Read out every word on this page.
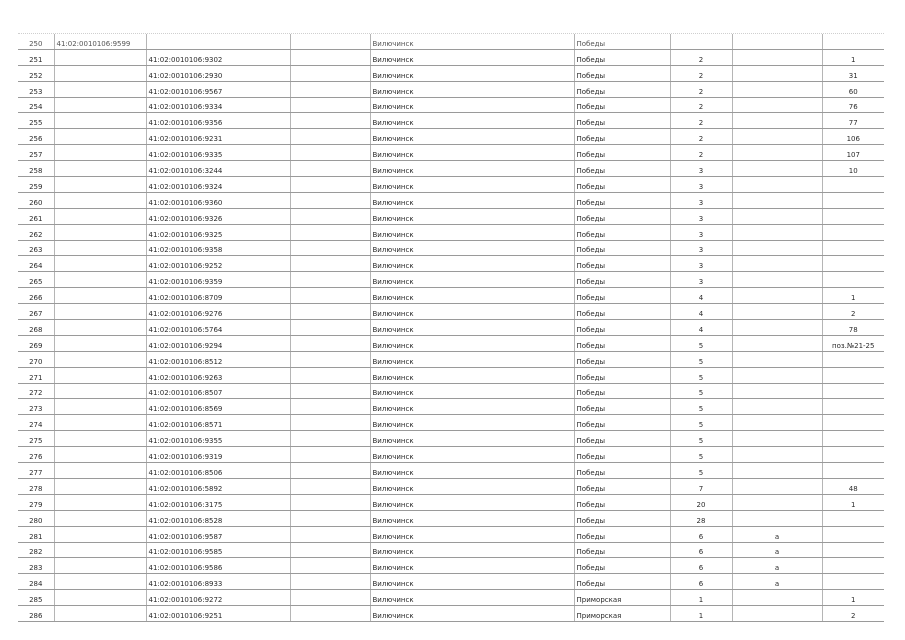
250	41:02:0010106:9599			Вилючинск		Победы			
251		41:02:0010106:9302		Вилючинск		Победы	2		1
252		41:02:0010106:2930		Вилючинск		Победы	2		31
253		41:02:0010106:9567		Вилючинск		Победы	2		60
254		41:02:0010106:9334		Вилючинск		Победы	2		76
255		41:02:0010106:9356		Вилючинск		Победы	2		77
256		41:02:0010106:9231		Вилючинск		Победы	2		106
257		41:02:0010106:9335		Вилючинск		Победы	2		107
258		41:02:0010106:3244		Вилючинск		Победы	3		10
259		41:02:0010106:9324		Вилючинск		Победы	3		
260		41:02:0010106:9360		Вилючинск		Победы	3		
261		41:02:0010106:9326		Вилючинск		Победы	3		
262		41:02:0010106:9325		Вилючинск		Победы	3		
263		41:02:0010106:9358		Вилючинск		Победы	3		
264		41:02:0010106:9252		Вилючинск		Победы	3		
265		41:02:0010106:9359		Вилючинск		Победы	3		
266		41:02:0010106:8709		Вилючинск		Победы	4		1
267		41:02:0010106:9276		Вилючинск		Победы	4		2
268		41:02:0010106:5764		Вилючинск		Победы	4		78
269		41:02:0010106:9294		Вилючинск		Победы	5		поз.№21-25
270		41:02:0010106:8512		Вилючинск		Победы	5		
271		41:02:0010106:9263		Вилючинск		Победы	5		
272		41:02:0010106:8507		Вилючинск		Победы	5		
273		41:02:0010106:8569		Вилючинск		Победы	5		
274		41:02:0010106:8571		Вилючинск		Победы	5		
275		41:02:0010106:9355		Вилючинск		Победы	5		
276		41:02:0010106:9319		Вилючинск		Победы	5		
277		41:02:0010106:8506		Вилючинск		Победы	5		
278		41:02:0010106:5892		Вилючинск		Победы	7		48
279		41:02:0010106:3175		Вилючинск		Победы	20		1
280		41:02:0010106:8528		Вилючинск		Победы	28		
281		41:02:0010106:9587		Вилючинск		Победы	6	а	
282		41:02:0010106:9585		Вилючинск		Победы	6	а	
283		41:02:0010106:9586		Вилючинск		Победы	6	а	
284		41:02:0010106:8933		Вилючинск		Победы	6	а	
285		41:02:0010106:9272		Вилючинск		Приморская	1		1
286		41:02:0010106:9251		Вилючинск		Приморская	1		2
